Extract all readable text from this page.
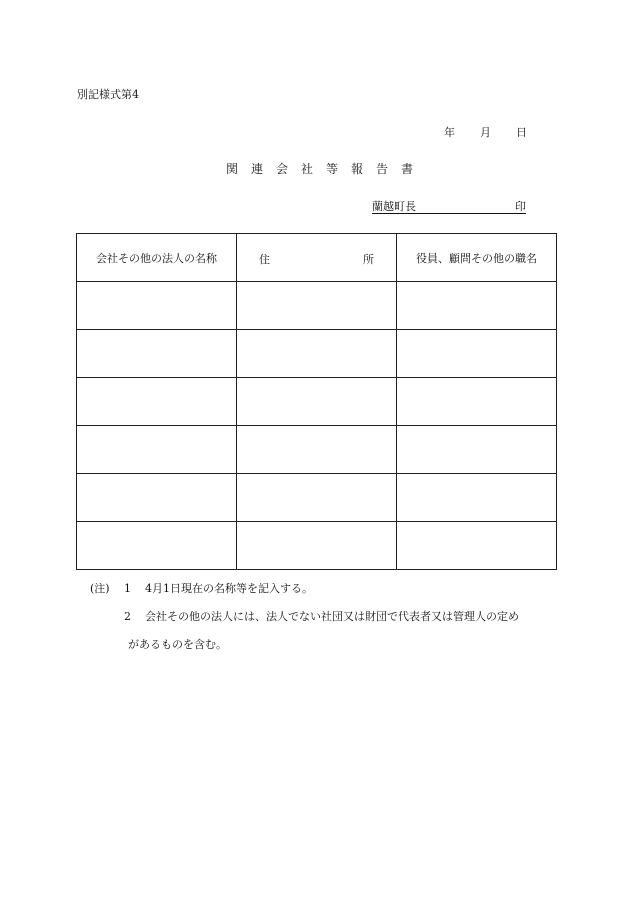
別記様式第4
年 月 日
関連会社等報告書
蘭越町長	印
会社その他の法人の名称	住 所	役員、顧問その他の職名

(注) 1 4月1日現在の名称等を記入する。
2 会社その他の法人には、法人でない社団又は財団で代表者又は管理人の定め
があるものを含む。
